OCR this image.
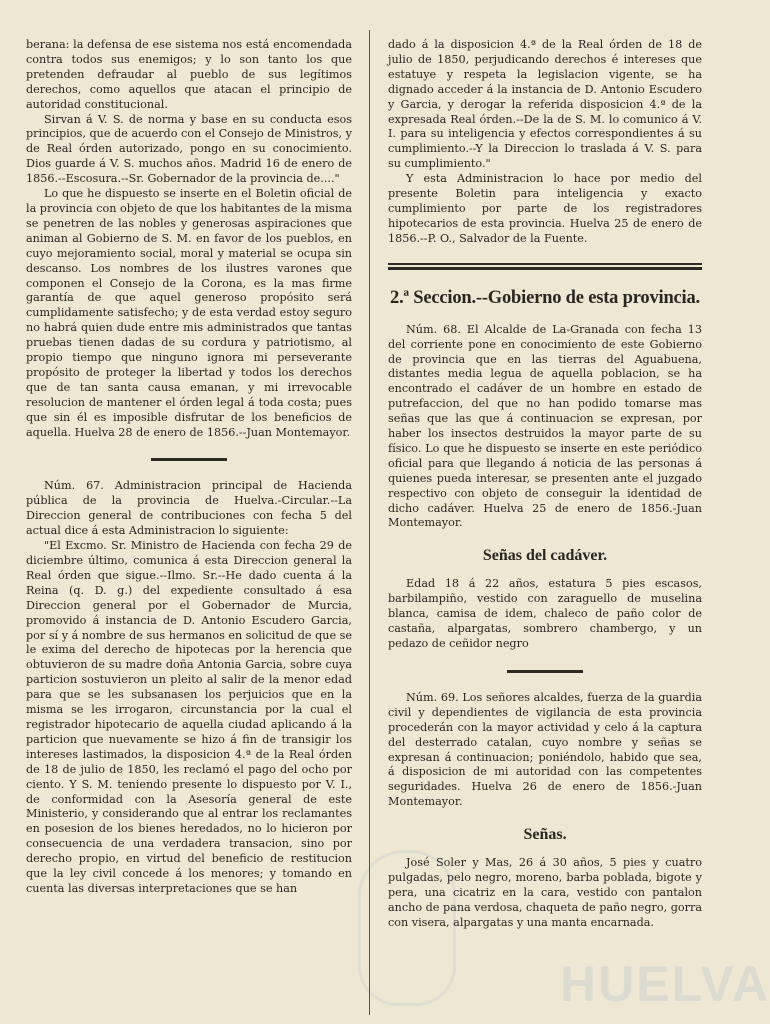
berana: la defensa de ese sistema nos está encomendada contra todos sus enemigos; y lo son tanto los que pretenden defraudar al pueblo de sus legítimos derechos, como aquellos que atacan el principio de autoridad constitucional.

Sirvan á V. S. de norma y base en su conducta esos principios, que de acuerdo con el Consejo de Ministros, y de Real órden autorizado, pongo en su conocimiento. Dios guarde á V. S. muchos años. Madrid 16 de enero de 1856.--Escosura.--Sr. Gobernador de la provincia de...."

Lo que he dispuesto se inserte en el Boletin oficial de la provincia con objeto de que los habitantes de la misma se penetren de las nobles y generosas aspiraciones que animan al Gobierno de S. M. en favor de los pueblos, en cuyo mejoramiento social, moral y material se ocupa sin descanso. Los nombres de los ilustres varones que componen el Consejo de la Corona, es la mas firme garantía de que aquel generoso propósito será cumplidamente satisfecho; y de esta verdad estoy seguro no habrá quien dude entre mis administrados que tantas pruebas tienen dadas de su cordura y patriotismo, al propio tiempo que ninguno ignora mi perseverante propósito de proteger la libertad y todos los derechos que de tan santa causa emanan, y mi irrevocable resolucion de mantener el órden legal á toda costa; pues que sin él es imposible disfrutar de los beneficios de aquella. Huelva 28 de enero de 1856.--Juan Montemayor.

Núm. 67. Administracion principal de Hacienda pública de la provincia de Huelva.-Circular.--La Direccion general de contribuciones con fecha 5 del actual dice á esta Administracion lo siguiente:

"El Excmo. Sr. Ministro de Hacienda con fecha 29 de diciembre último, comunica á esta Direccion general la Real órden que sigue.--Ilmo. Sr.--He dado cuenta á la Reina (q. D. g.) del expediente consultado á esa Direccion general por el Gobernador de Murcia, promovido á instancia de D. Antonio Escudero Garcia, por sí y á nombre de sus hermanos en solicitud de que se le exima del derecho de hipotecas por la herencia que obtuvieron de su madre doña Antonia Garcia, sobre cuya particion sostuvieron un pleito al salir de la menor edad para que se les subsanasen los perjuicios que en la misma se les irrogaron, circunstancia por la cual el registrador hipotecario de aquella ciudad aplicando á la particion que nuevamente se hizo á fin de transigir los intereses lastimados, la disposicion 4.ª de la Real órden de 18 de julio de 1850, les reclamó el pago del ocho por ciento. Y S. M. teniendo presente lo dispuesto por V. I., de conformidad con la Asesoría general de este Ministerio, y considerando que al entrar los reclamantes en posesion de los bienes heredados, no lo hicieron por consecuencia de una verdadera transacion, sino por derecho propio, en virtud del beneficio de restitucion que la ley civil concede á los menores; y tomando en cuenta las diversas interpretaciones que se han

dado á la disposicion 4.ª de la Real órden de 18 de julio de 1850, perjudicando derechos é intereses que estatuye y respeta la legislacion vigente, se ha dignado acceder á la instancia de D. Antonio Escudero y Garcia, y derogar la referida disposicion 4.ª de la expresada Real órden.--De la de S. M. lo comunico á V. I. para su inteligencia y efectos correspondientes á su cumplimiento.--Y la Direccion lo traslada á V. S. para su cumplimiento."

Y esta Administracion lo hace por medio del presente Boletin para inteligencia y exacto cumplimiento por parte de los registradores hipotecarios de esta provincia. Huelva 25 de enero de 1856.--P. O., Salvador de la Fuente.

2.ª Seccion.--Gobierno de esta provincia.

Núm. 68. El Alcalde de La-Granada con fecha 13 del corriente pone en conocimiento de este Gobierno de provincia que en las tierras del Aguabuena, distantes media legua de aquella poblacion, se ha encontrado el cadáver de un hombre en estado de putrefaccion, del que no han podido tomarse mas señas que las que á continuacion se expresan, por haber los insectos destruidos la mayor parte de su físico. Lo que he dispuesto se inserte en este periódico oficial para que llegando á noticia de las personas á quienes pueda interesar, se presenten ante el juzgado respectivo con objeto de conseguir la identidad de dicho cadáver. Huelva 25 de enero de 1856.-Juan Montemayor.

Señas del cadáver.

Edad 18 á 22 años, estatura 5 pies escasos, barbilampiño, vestido con zaraguello de muselina blanca, camisa de idem, chaleco de paño color de castaña, alpargatas, sombrero chambergo, y un pedazo de ceñidor negro

Núm. 69. Los señores alcaldes, fuerza de la guardia civil y dependientes de vigilancia de esta provincia procederán con la mayor actividad y celo á la captura del desterrado catalan, cuyo nombre y señas se expresan á continuacion; poniéndolo, habido que sea, á disposicion de mi autoridad con las competentes seguridades. Huelva 26 de enero de 1856.-Juan Montemayor.

Señas.

José Soler y Mas, 26 á 30 años, 5 pies y cuatro pulgadas, pelo negro, moreno, barba poblada, bigote y pera, una cicatriz en la cara, vestido con pantalon ancho de pana verdosa, chaqueta de paño negro, gorra con visera, alpargatas y una manta encarnada.

HUELVA
